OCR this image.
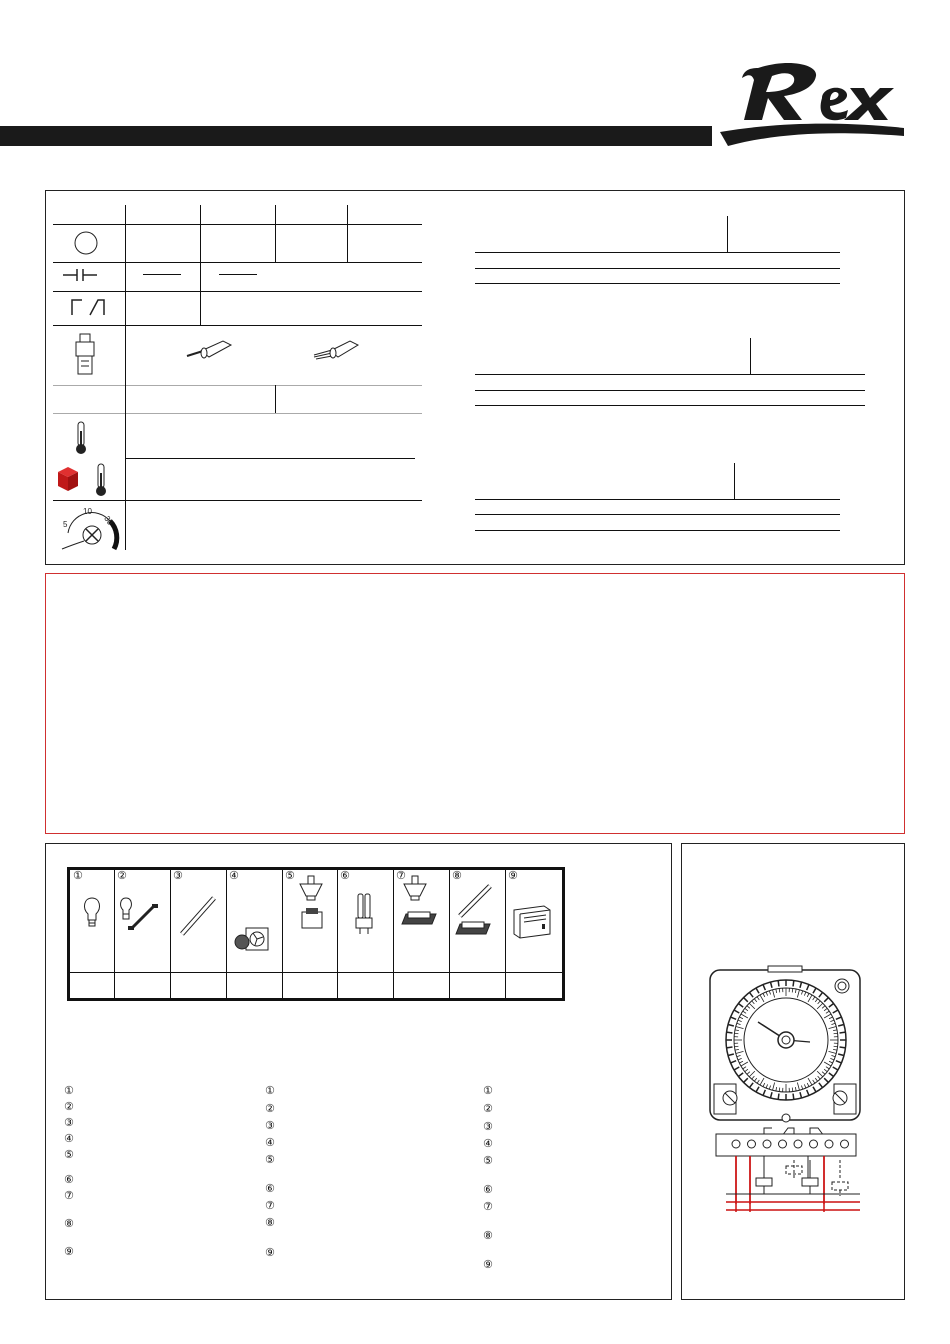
5
10
30
①	②	③	④	⑤	⑥	⑦	⑧	⑨
①
②
③
④
⑤
⑥
⑦
⑧
⑨
①
②
③
④
⑤
⑥
⑦
⑧
⑨
①
②
③
④
⑤
⑥
⑦
⑧
⑨
